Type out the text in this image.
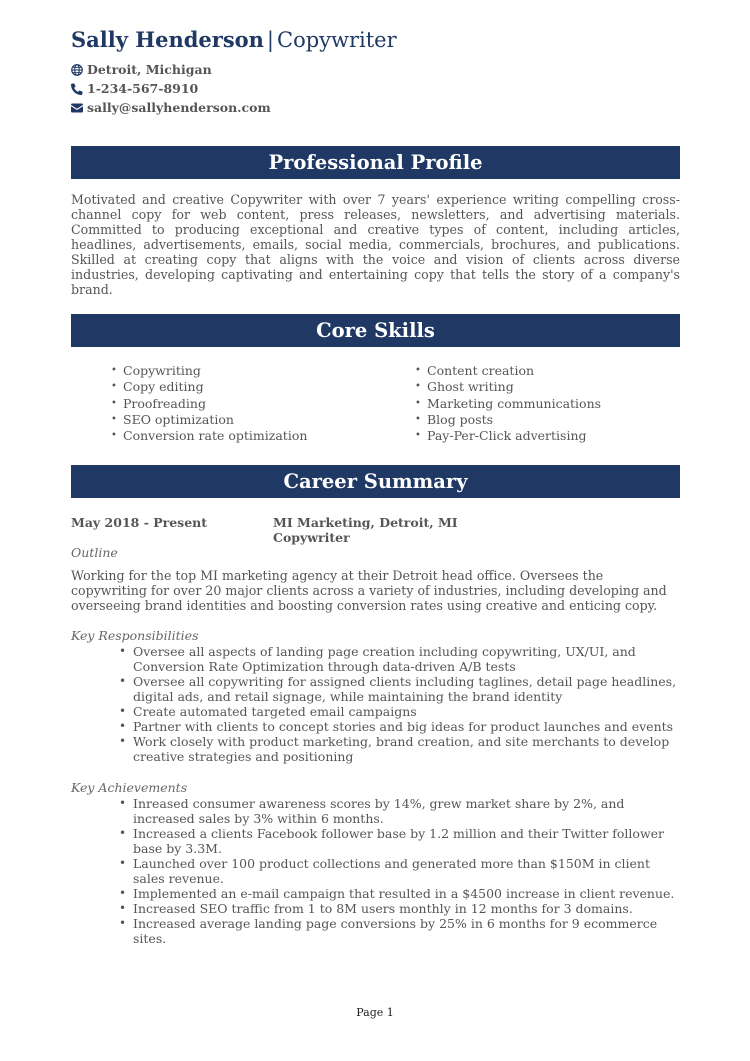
Sally Henderson | Copywriter
Detroit, Michigan
1-234-567-8910
sally@sallyhenderson.com
Professional Profile
Motivated and creative Copywriter with over 7 years' experience writing compelling cross-channel copy for web content, press releases, newsletters, and advertising materials. Committed to producing exceptional and creative types of content, including articles, headlines, advertisements, emails, social media, commercials, brochures, and publications. Skilled at creating copy that aligns with the voice and vision of clients across diverse industries, developing captivating and entertaining copy that tells the story of a company's brand.
Core Skills
• Copywriting
• Copy editing
• Proofreading
• SEO optimization
• Conversion rate optimization
• Content creation
• Ghost writing
• Marketing communications
• Blog posts
• Pay-Per-Click advertising
Career Summary
May 2018 - Present	MI Marketing, Detroit, MI
Copywriter
Outline
Working for the top MI marketing agency at their Detroit head office. Oversees the copywriting for over 20 major clients across a variety of industries, including developing and overseeing brand identities and boosting conversion rates using creative and enticing copy.
Key Responsibilities
• Oversee all aspects of landing page creation including copywriting, UX/UI, and Conversion Rate Optimization through data-driven A/B tests
• Oversee all copywriting for assigned clients including taglines, detail page headlines, digital ads, and retail signage, while maintaining the brand identity
• Create automated targeted email campaigns
• Partner with clients to concept stories and big ideas for product launches and events
• Work closely with product marketing, brand creation, and site merchants to develop creative strategies and positioning
Key Achievements
• Inreased consumer awareness scores by 14%, grew market share by 2%, and increased sales by 3% within 6 months.
• Increased a clients Facebook follower base by 1.2 million and their Twitter follower base by 3.3M.
• Launched over 100 product collections and generated more than $150M in client sales revenue.
• Implemented an e-mail campaign that resulted in a $4500 increase in client revenue.
• Increased SEO traffic from 1 to 8M users monthly in 12 months for 3 domains.
• Increased average landing page conversions by 25% in 6 months for 9 ecommerce sites.
Page 1
